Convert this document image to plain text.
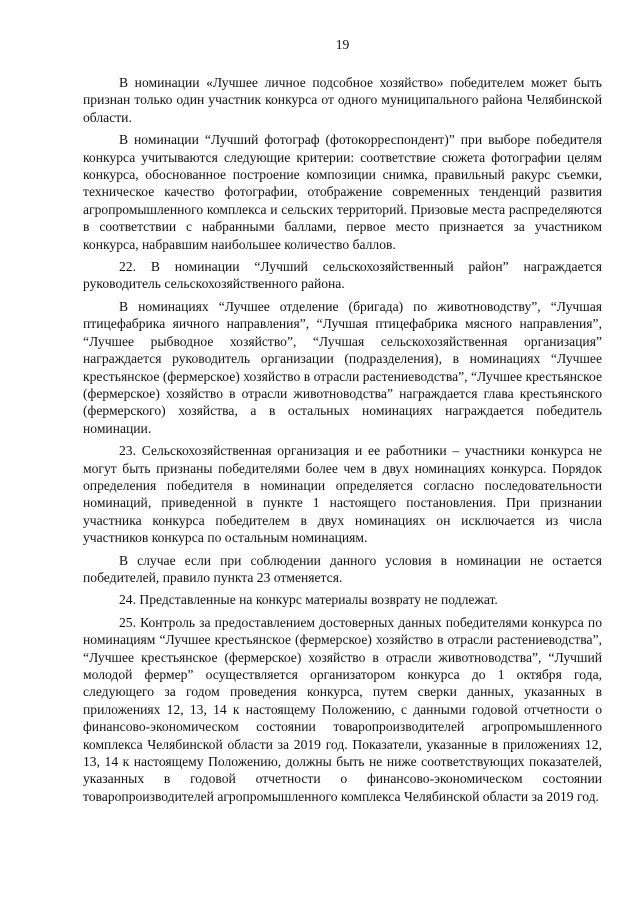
19

В номинации «Лучшее личное подсобное хозяйство» победителем может быть признан только один участник конкурса от одного муниципального района Челябинской области.

В номинации “Лучший фотограф (фотокорреспондент)” при выборе победителя конкурса учитываются следующие критерии: соответствие сюжета фотографии целям конкурса, обоснованное построение композиции снимка, правильный ракурс съемки, техническое качество фотографии, отображение современных тенденций развития агропромышленного комплекса и сельских территорий. Призовые места распределяются в соответствии с набранными баллами, первое место признается за участником конкурса, набравшим наибольшее количество баллов.

22. В номинации “Лучший сельскохозяйственный район” награждается руководитель сельскохозяйственного района.

В номинациях “Лучшее отделение (бригада) по животноводству”, “Лучшая птицефабрика яичного направления”, “Лучшая птицефабрика мясного направления”, “Лучшее рыбводное хозяйство”, “Лучшая сельскохозяйственная организация” награждается руководитель организации (подразделения), в номинациях “Лучшее крестьянское (фермерское) хозяйство в отрасли растениеводства”, “Лучшее крестьянское (фермерское) хозяйство в отрасли животноводства” награждается глава крестьянского (фермерского) хозяйства, а в остальных номинациях награждается победитель номинации.

23. Сельскохозяйственная организация и ее работники – участники конкурса не могут быть признаны победителями более чем в двух номинациях конкурса. Порядок определения победителя в номинации определяется согласно последовательности номинаций, приведенной в пункте 1 настоящего постановления. При признании участника конкурса победителем в двух номинациях он исключается из числа участников конкурса по остальным номинациям.

В случае если при соблюдении данного условия в номинации не остается победителей, правило пункта 23 отменяется.

24. Представленные на конкурс материалы возврату не подлежат.

25. Контроль за предоставлением достоверных данных победителями конкурса по номинациям “Лучшее крестьянское (фермерское) хозяйство в отрасли растениеводства”, “Лучшее крестьянское (фермерское) хозяйство в отрасли животноводства”, “Лучший молодой фермер” осуществляется организатором конкурса до 1 октября года, следующего за годом проведения конкурса, путем сверки данных, указанных в приложениях 12, 13, 14 к настоящему Положению, с данными годовой отчетности о финансово-экономическом состоянии товаропроизводителей агропромышленного комплекса Челябинской области за 2019 год. Показатели, указанные в приложениях 12, 13, 14 к настоящему Положению, должны быть не ниже соответствующих показателей, указанных в годовой отчетности о финансово-экономическом состоянии товаропроизводителей агропромышленного комплекса Челябинской области за 2019 год.
